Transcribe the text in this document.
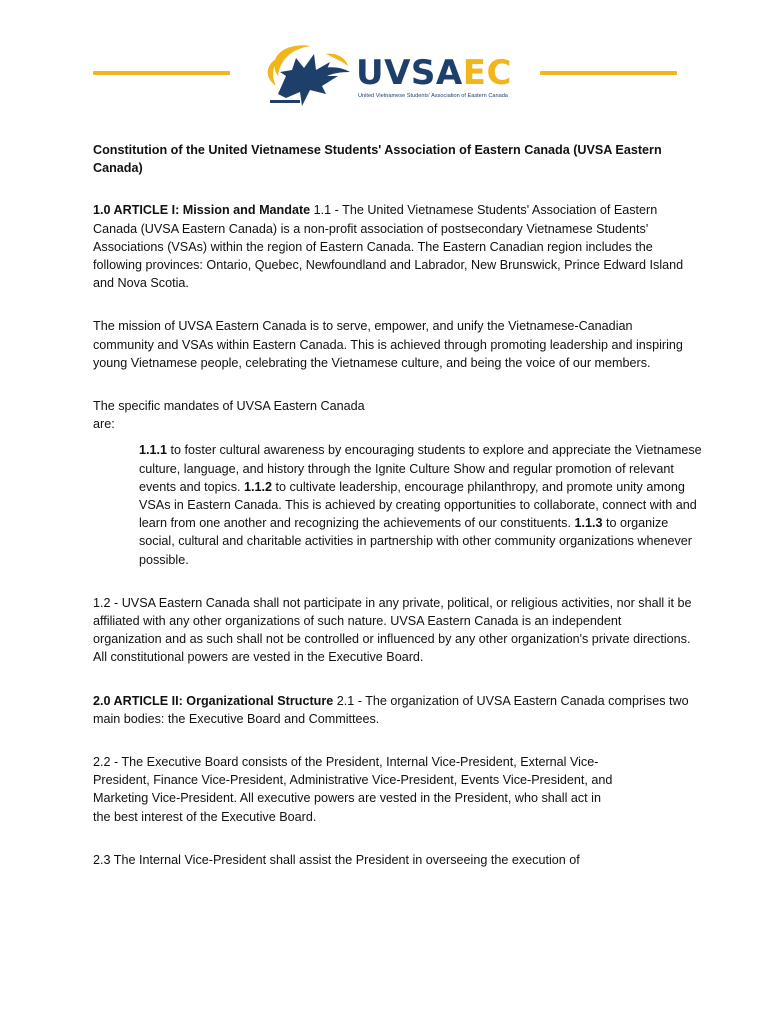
UVSAEC
United Vietnamese Students' Association of Eastern Canada

Constitution of the United Vietnamese Students' Association of Eastern Canada (UVSA Eastern Canada)

1.0 ARTICLE I: Mission and Mandate 1.1 - The United Vietnamese Students' Association of Eastern Canada (UVSA Eastern Canada) is a non-profit association of postsecondary Vietnamese Students' Associations (VSAs) within the region of Eastern Canada. The Eastern Canadian region includes the following provinces: Ontario, Quebec, Newfoundland and Labrador, New Brunswick, Prince Edward Island and Nova Scotia.

The mission of UVSA Eastern Canada is to serve, empower, and unify the Vietnamese-Canadian community and VSAs within Eastern Canada. This is achieved through promoting leadership and inspiring young Vietnamese people, celebrating the Vietnamese culture, and being the voice of our members.

The specific mandates of UVSA Eastern Canada
are:

1.1.1 to foster cultural awareness by encouraging students to explore and appreciate the Vietnamese culture, language, and history through the Ignite Culture Show and regular promotion of relevant events and topics. 1.1.2 to cultivate leadership, encourage philanthropy, and promote unity among VSAs in Eastern Canada. This is achieved by creating opportunities to collaborate, connect with and learn from one another and recognizing the achievements of our constituents. 1.1.3 to organize social, cultural and charitable activities in partnership with other community organizations whenever possible.

1.2 - UVSA Eastern Canada shall not participate in any private, political, or religious activities, nor shall it be affiliated with any other organizations of such nature. UVSA Eastern Canada is an independent organization and as such shall not be controlled or influenced by any other organization's private directions. All constitutional powers are vested in the Executive Board.

2.0 ARTICLE II: Organizational Structure 2.1 - The organization of UVSA Eastern Canada comprises two main bodies: the Executive Board and Committees.

2.2 - The Executive Board consists of the President, Internal Vice-President, External Vice-President, Finance Vice-President, Administrative Vice-President, Events Vice-President, and Marketing Vice-President. All executive powers are vested in the President, who shall act in the best interest of the Executive Board.

2.3 The Internal Vice-President shall assist the President in overseeing the execution of
